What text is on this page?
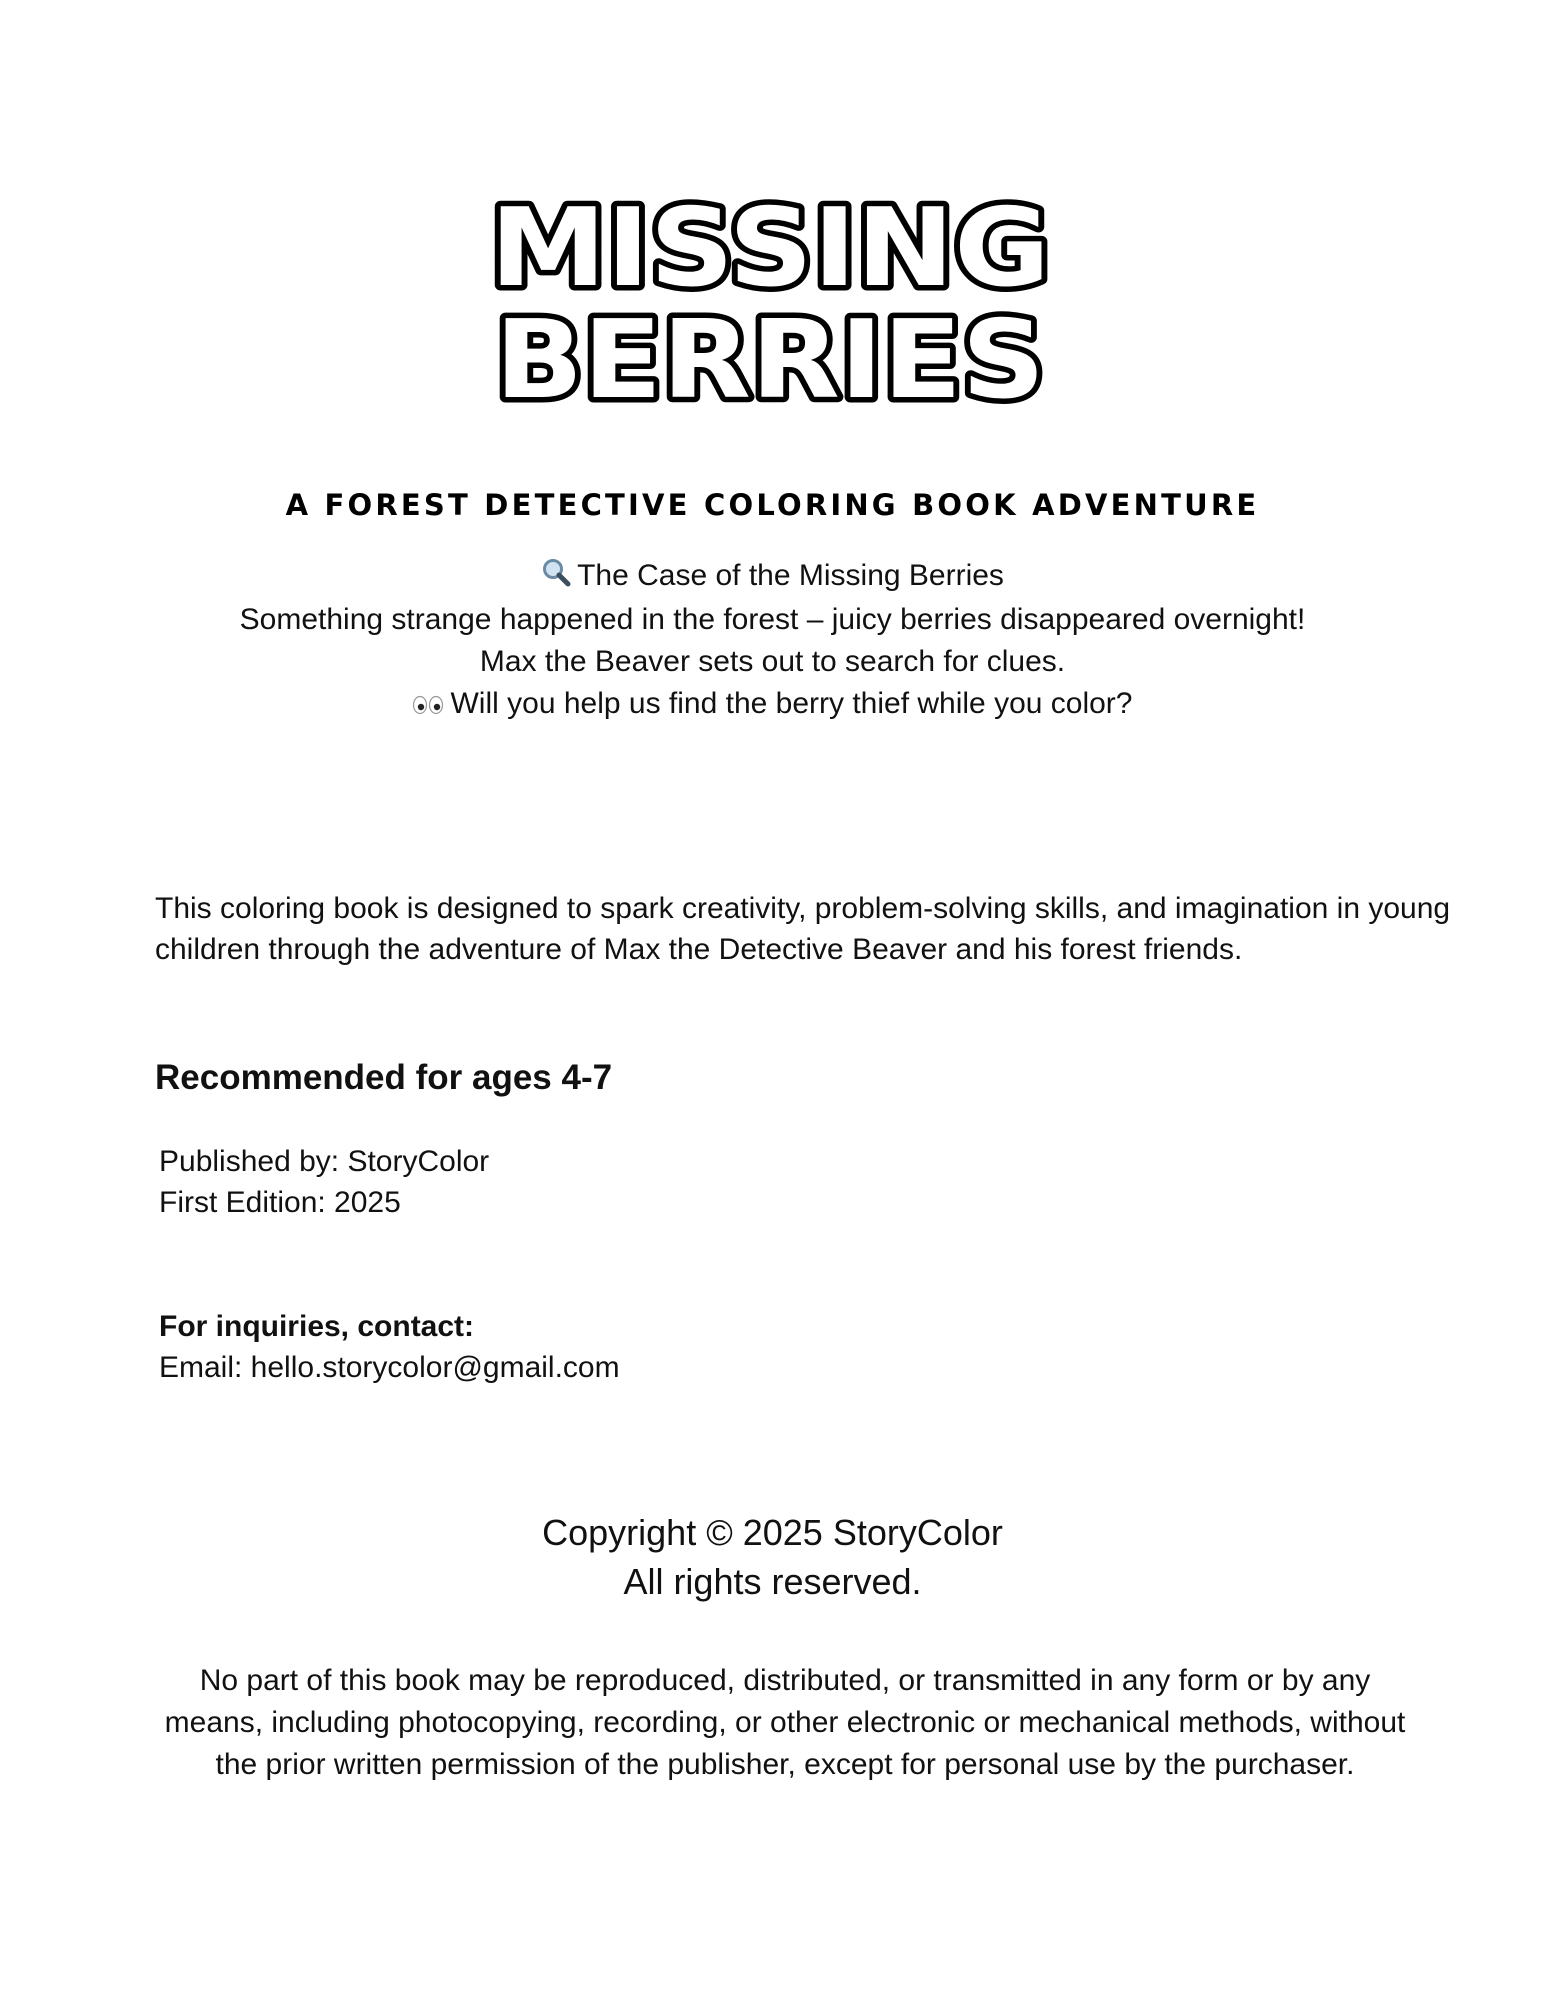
MISSING
BERRIES
A FOREST DETECTIVE COLORING BOOK ADVENTURE
The Case of the Missing Berries
Something strange happened in the forest – juicy berries disappeared overnight!
Max the Beaver sets out to search for clues.
Will you help us find the berry thief while you color?
This coloring book is designed to spark creativity, problem-solving skills, and imagination in young children through the adventure of Max the Detective Beaver and his forest friends.
Recommended for ages 4-7
Published by: StoryColor
First Edition: 2025
For inquiries, contact:
Email: hello.storycolor@gmail.com
Copyright © 2025 StoryColor
All rights reserved.
No part of this book may be reproduced, distributed, or transmitted in any form or by any means, including photocopying, recording, or other electronic or mechanical methods, without the prior written permission of the publisher, except for personal use by the purchaser.
